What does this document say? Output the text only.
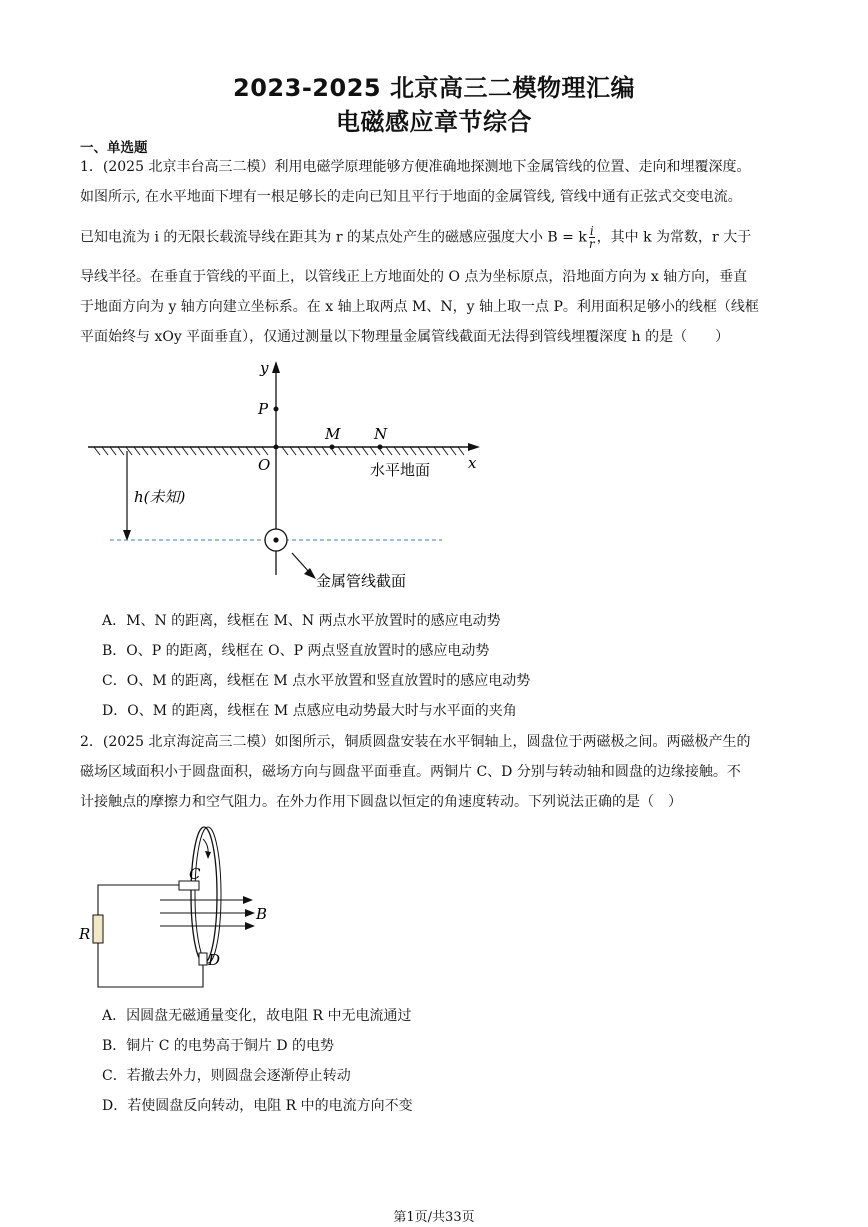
2023-2025 北京高三二模物理汇编
电磁感应章节综合
一、单选题
1．(2025 北京丰台高三二模）利用电磁学原理能够方便准确地探测地下金属管线的位置、走向和埋覆深度。
如图所示, 在水平地面下埋有一根足够长的走向已知且平行于地面的金属管线, 管线中通有正弦式交变电流。
已知电流为 i 的无限长载流导线在距其为 r 的某点处产生的磁感应强度大小 B = k $\frac{i}{r}$ ，其中 k 为常数，r 大于
导线半径。在垂直于管线的平面上，以管线正上方地面处的 O 点为坐标原点，沿地面方向为 x 轴方向，垂直
于地面方向为 y 轴方向建立坐标系。在 x 轴上取两点 M、N，y 轴上取一点 P。利用面积足够小的线框（线框
平面始终与 xOy 平面垂直），仅通过测量以下物理量金属管线截面无法得到管线埋覆深度 h 的是（　　）
y
P
x
O
M N
水平地面
h(未知)
金属管线截面
A．M、N 的距离，线框在 M、N 两点水平放置时的感应电动势
B．O、P 的距离，线框在 O、P 两点竖直放置时的感应电动势
C．O、M 的距离，线框在 M 点水平放置和竖直放置时的感应电动势
D．O、M 的距离，线框在 M 点感应电动势最大时与水平面的夹角
2．(2025 北京海淀高三二模）如图所示，铜质圆盘安装在水平铜轴上，圆盘位于两磁极之间。两磁极产生的
磁场区域面积小于圆盘面积，磁场方向与圆盘平面垂直。两铜片 C、D 分别与转动轴和圆盘的边缘接触。不
计接触点的摩擦力和空气阻力。在外力作用下圆盘以恒定的角速度转动。下列说法正确的是（　）
R
C
D
B
A．因圆盘无磁通量变化，故电阻 R 中无电流通过
B．铜片 C 的电势高于铜片 D 的电势
C．若撤去外力，则圆盘会逐渐停止转动
D．若使圆盘反向转动，电阻 R 中的电流方向不变
第1页/共33页
